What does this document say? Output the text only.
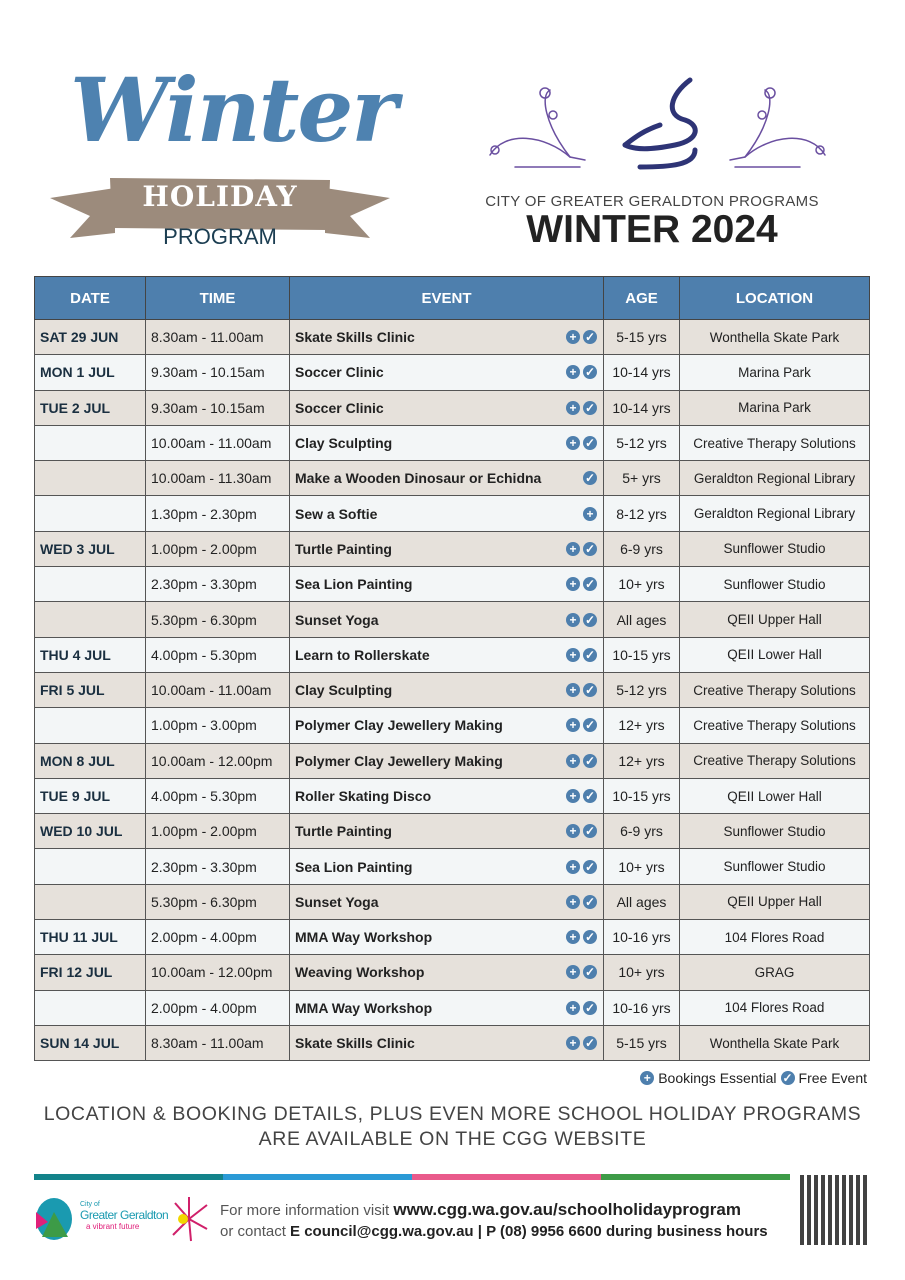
Winter
HOLIDAY
PROGRAM
CITY OF GREATER GERALDTON PROGRAMS
WINTER 2024
DATE	TIME	EVENT	AGE	LOCATION
SAT 29 JUN	8.30am - 11.00am	Skate Skills Clinic + ✓	5-15 yrs	Wonthella Skate Park
MON 1 JUL	9.30am - 10.15am	Soccer Clinic + ✓	10-14 yrs	Marina Park
TUE 2 JUL	9.30am - 10.15am	Soccer Clinic + ✓	10-14 yrs	Marina Park
	10.00am - 11.00am	Clay Sculpting + ✓	5-12 yrs	Creative Therapy Solutions
	10.00am - 11.30am	Make a Wooden Dinosaur or Echidna ✓	5+ yrs	Geraldton Regional Library
	1.30pm - 2.30pm	Sew a Softie +	8-12 yrs	Geraldton Regional Library
WED 3 JUL	1.00pm - 2.00pm	Turtle Painting + ✓	6-9 yrs	Sunflower Studio
	2.30pm - 3.30pm	Sea Lion Painting + ✓	10+ yrs	Sunflower Studio
	5.30pm - 6.30pm	Sunset Yoga + ✓	All ages	QEII Upper Hall
THU 4 JUL	4.00pm - 5.30pm	Learn to Rollerskate + ✓	10-15 yrs	QEII Lower Hall
FRI 5 JUL	10.00am - 11.00am	Clay Sculpting + ✓	5-12 yrs	Creative Therapy Solutions
	1.00pm - 3.00pm	Polymer Clay Jewellery Making + ✓	12+ yrs	Creative Therapy Solutions
MON 8 JUL	10.00am - 12.00pm	Polymer Clay Jewellery Making + ✓	12+ yrs	Creative Therapy Solutions
TUE 9 JUL	4.00pm - 5.30pm	Roller Skating Disco + ✓	10-15 yrs	QEII Lower Hall
WED 10 JUL	1.00pm - 2.00pm	Turtle Painting + ✓	6-9 yrs	Sunflower Studio
	2.30pm - 3.30pm	Sea Lion Painting + ✓	10+ yrs	Sunflower Studio
	5.30pm - 6.30pm	Sunset Yoga + ✓	All ages	QEII Upper Hall
THU 11 JUL	2.00pm - 4.00pm	MMA Way Workshop + ✓	10-16 yrs	104 Flores Road
FRI 12 JUL	10.00am - 12.00pm	Weaving Workshop + ✓	10+ yrs	GRAG
	2.00pm - 4.00pm	MMA Way Workshop + ✓	10-16 yrs	104 Flores Road
SUN 14 JUL	8.30am - 11.00am	Skate Skills Clinic + ✓	5-15 yrs	Wonthella Skate Park
+ Bookings Essential ✓ Free Event
LOCATION & BOOKING DETAILS, PLUS EVEN MORE SCHOOL HOLIDAY PROGRAMS
ARE AVAILABLE ON THE CGG WEBSITE
City of
Greater Geraldton
a vibrant future
For more information visit www.cgg.wa.gov.au/schoolholidayprogram
or contact E council@cgg.wa.gov.au | P (08) 9956 6600 during business hours
